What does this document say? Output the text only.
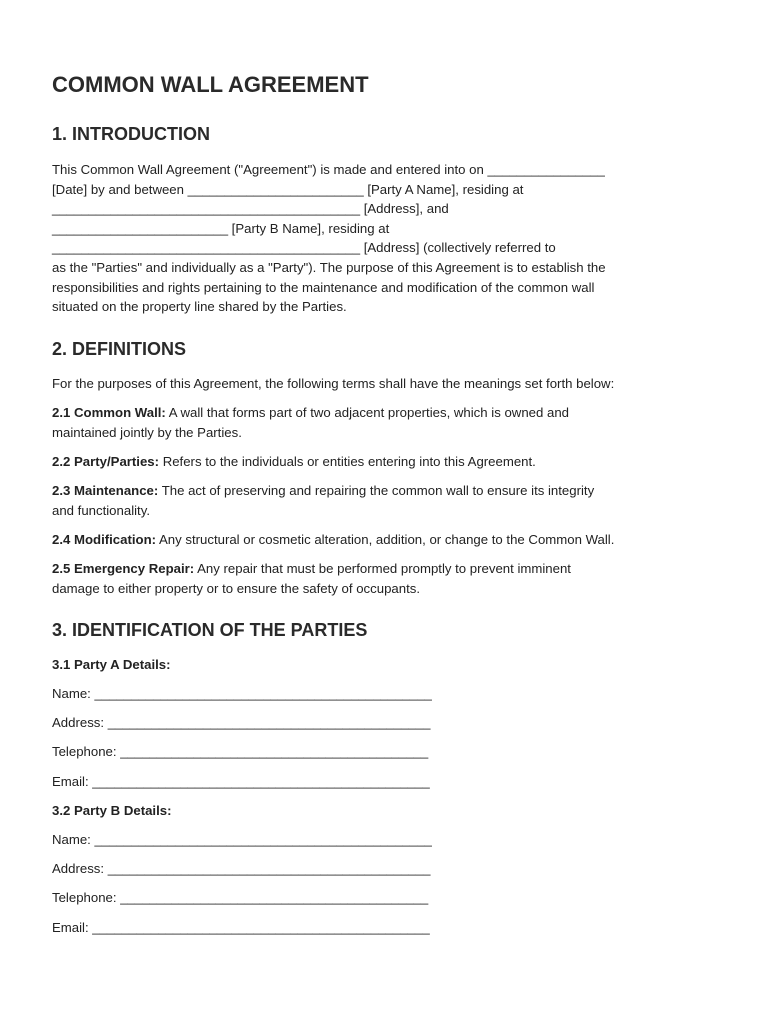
COMMON WALL AGREEMENT
1. INTRODUCTION
This Common Wall Agreement ("Agreement") is made and entered into on ________________
[Date] by and between ________________________ [Party A Name], residing at
__________________________________________ [Address], and
________________________ [Party B Name], residing at
__________________________________________ [Address] (collectively referred to
as the "Parties" and individually as a "Party"). The purpose of this Agreement is to establish the
responsibilities and rights pertaining to the maintenance and modification of the common wall
situated on the property line shared by the Parties.
2. DEFINITIONS
For the purposes of this Agreement, the following terms shall have the meanings set forth below:
2.1 Common Wall: A wall that forms part of two adjacent properties, which is owned and
maintained jointly by the Parties.
2.2 Party/Parties: Refers to the individuals or entities entering into this Agreement.
2.3 Maintenance: The act of preserving and repairing the common wall to ensure its integrity
and functionality.
2.4 Modification: Any structural or cosmetic alteration, addition, or change to the Common Wall.
2.5 Emergency Repair: Any repair that must be performed promptly to prevent imminent
damage to either property or to ensure the safety of occupants.
3. IDENTIFICATION OF THE PARTIES
3.1 Party A Details:
Name: ______________________________________________
Address: ____________________________________________
Telephone: __________________________________________
Email: ______________________________________________
3.2 Party B Details:
Name: ______________________________________________
Address: ____________________________________________
Telephone: __________________________________________
Email: ______________________________________________
